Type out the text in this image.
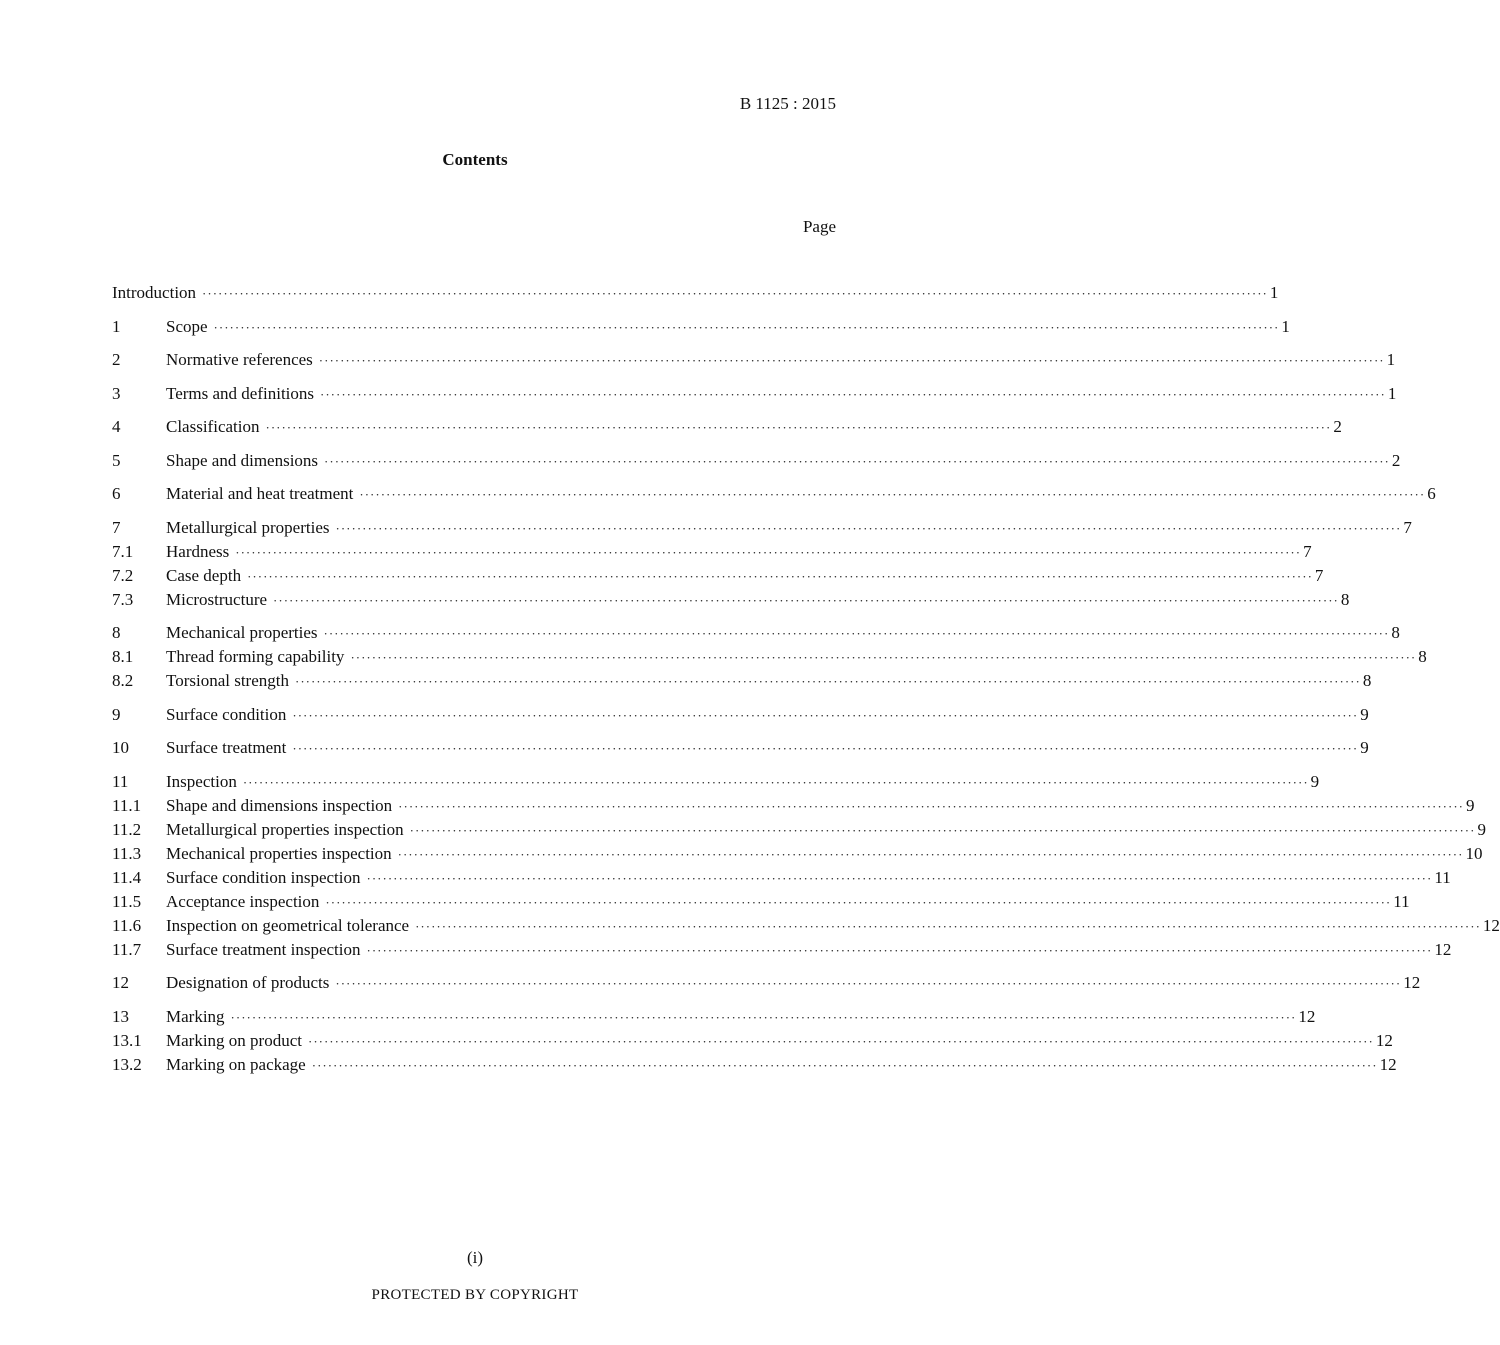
B 1125 : 2015
Contents
Page
Introduction ········································································································································································································ 1
1	Scope ········································································································································································································ 1
2	Normative references ········································································································································································································ 1
3	Terms and definitions ········································································································································································································ 1
4	Classification ········································································································································································································ 2
5	Shape and dimensions ········································································································································································································ 2
6	Material and heat treatment ········································································································································································································ 6
7	Metallurgical properties ········································································································································································································ 7
7.1	Hardness ········································································································································································································ 7
7.2	Case depth ········································································································································································································ 7
7.3	Microstructure ········································································································································································································ 8
8	Mechanical properties ········································································································································································································ 8
8.1	Thread forming capability ········································································································································································································ 8
8.2	Torsional strength ········································································································································································································ 8
9	Surface condition ········································································································································································································ 9
10	Surface treatment ········································································································································································································ 9
11	Inspection ········································································································································································································ 9
11.1	Shape and dimensions inspection ········································································································································································································ 9
11.2	Metallurgical properties inspection ········································································································································································································ 9
11.3	Mechanical properties inspection ········································································································································································································ 10
11.4	Surface condition inspection ········································································································································································································ 11
11.5	Acceptance inspection ········································································································································································································ 11
11.6	Inspection on geometrical tolerance ········································································································································································································ 12
11.7	Surface treatment inspection ········································································································································································································ 12
12	Designation of products ········································································································································································································ 12
13	Marking ········································································································································································································ 12
13.1	Marking on product ········································································································································································································ 12
13.2	Marking on package ········································································································································································································ 12
(i)
PROTECTED BY COPYRIGHT
